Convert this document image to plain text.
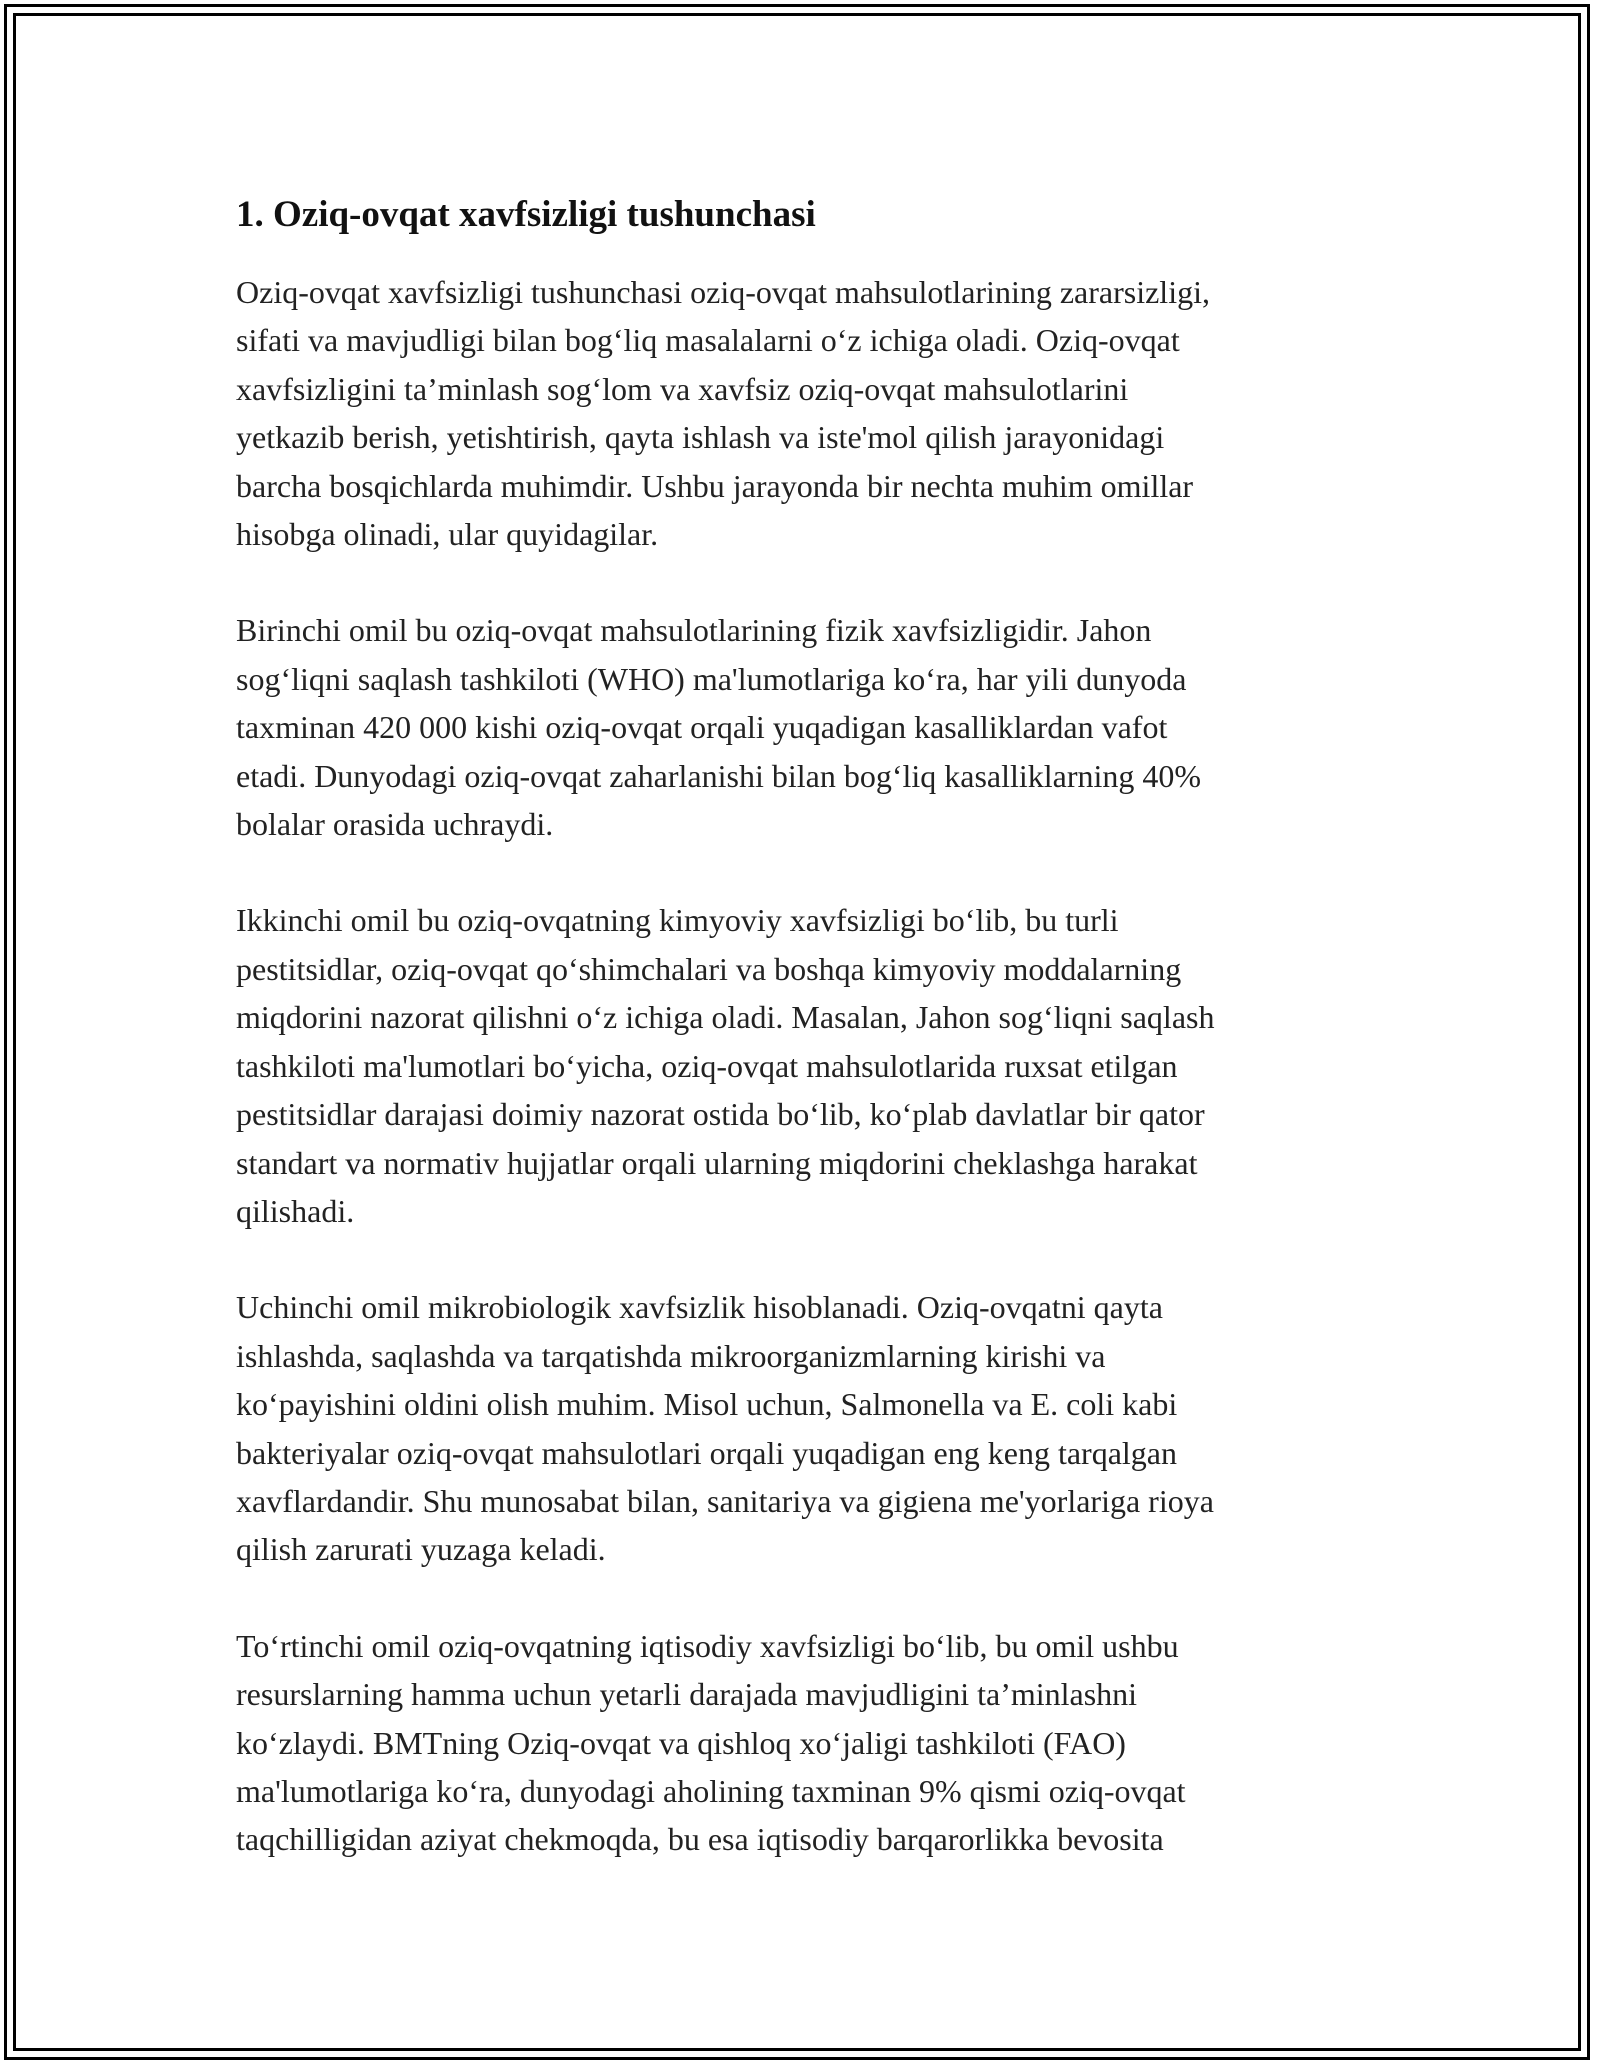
1. Oziq-ovqat xavfsizligi tushunchasi

Oziq-ovqat xavfsizligi tushunchasi oziq-ovqat mahsulotlarining zararsizligi,
sifati va mavjudligi bilan bog‘liq masalalarni o‘z ichiga oladi. Oziq-ovqat
xavfsizligini ta’minlash sog‘lom va xavfsiz oziq-ovqat mahsulotlarini
yetkazib berish, yetishtirish, qayta ishlash va iste'mol qilish jarayonidagi
barcha bosqichlarda muhimdir. Ushbu jarayonda bir nechta muhim omillar
hisobga olinadi, ular quyidagilar.

Birinchi omil bu oziq-ovqat mahsulotlarining fizik xavfsizligidir. Jahon
sog‘liqni saqlash tashkiloti (WHO) ma'lumotlariga ko‘ra, har yili dunyoda
taxminan 420 000 kishi oziq-ovqat orqali yuqadigan kasalliklardan vafot
etadi. Dunyodagi oziq-ovqat zaharlanishi bilan bog‘liq kasalliklarning 40%
bolalar orasida uchraydi.

Ikkinchi omil bu oziq-ovqatning kimyoviy xavfsizligi bo‘lib, bu turli
pestitsidlar, oziq-ovqat qo‘shimchalari va boshqa kimyoviy moddalarning
miqdorini nazorat qilishni o‘z ichiga oladi. Masalan, Jahon sog‘liqni saqlash
tashkiloti ma'lumotlari bo‘yicha, oziq-ovqat mahsulotlarida ruxsat etilgan
pestitsidlar darajasi doimiy nazorat ostida bo‘lib, ko‘plab davlatlar bir qator
standart va normativ hujjatlar orqali ularning miqdorini cheklashga harakat
qilishadi.

Uchinchi omil mikrobiologik xavfsizlik hisoblanadi. Oziq-ovqatni qayta
ishlashda, saqlashda va tarqatishda mikroorganizmlarning kirishi va
ko‘payishini oldini olish muhim. Misol uchun, Salmonella va E. coli kabi
bakteriyalar oziq-ovqat mahsulotlari orqali yuqadigan eng keng tarqalgan
xavflardandir. Shu munosabat bilan, sanitariya va gigiena me'yorlariga rioya
qilish zarurati yuzaga keladi.

To‘rtinchi omil oziq-ovqatning iqtisodiy xavfsizligi bo‘lib, bu omil ushbu
resurslarning hamma uchun yetarli darajada mavjudligini ta’minlashni
ko‘zlaydi. BMTning Oziq-ovqat va qishloq xo‘jaligi tashkiloti (FAO)
ma'lumotlariga ko‘ra, dunyodagi aholining taxminan 9% qismi oziq-ovqat
taqchilligidan aziyat chekmoqda, bu esa iqtisodiy barqarorlikka bevosita
